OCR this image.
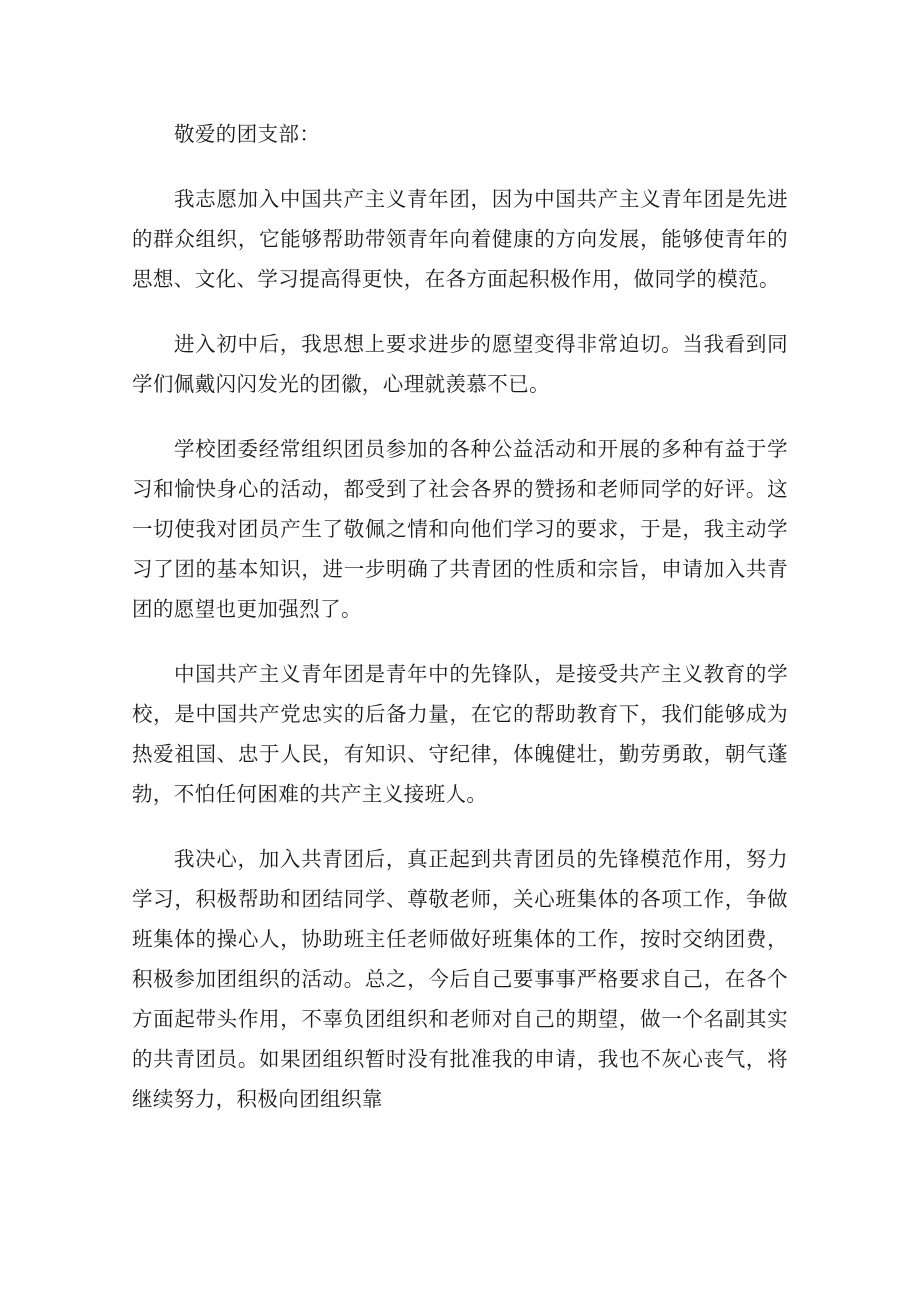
敬爱的团支部：

我志愿加入中国共产主义青年团，因为中国共产主义青年团是先进的群众组织，它能够帮助带领青年向着健康的方向发展，能够使青年的思想、文化、学习提高得更快，在各方面起积极作用，做同学的模范。

进入初中后，我思想上要求进步的愿望变得非常迫切。当我看到同学们佩戴闪闪发光的团徽，心理就羡慕不已。

学校团委经常组织团员参加的各种公益活动和开展的多种有益于学习和愉快身心的活动，都受到了社会各界的赞扬和老师同学的好评。这一切使我对团员产生了敬佩之情和向他们学习的要求，于是，我主动学习了团的基本知识，进一步明确了共青团的性质和宗旨，申请加入共青团的愿望也更加强烈了。

中国共产主义青年团是青年中的先锋队，是接受共产主义教育的学校，是中国共产党忠实的后备力量，在它的帮助教育下，我们能够成为热爱祖国、忠于人民，有知识、守纪律，体魄健壮，勤劳勇敢，朝气蓬勃，不怕任何困难的共产主义接班人。

我决心，加入共青团后，真正起到共青团员的先锋模范作用，努力学习，积极帮助和团结同学、尊敬老师，关心班集体的各项工作，争做班集体的操心人，协助班主任老师做好班集体的工作，按时交纳团费，积极参加团组织的活动。总之，今后自己要事事严格要求自己，在各个方面起带头作用，不辜负团组织和老师对自己的期望，做一个名副其实的共青团员。如果团组织暂时没有批准我的申请，我也不灰心丧气，将继续努力，积极向团组织靠
